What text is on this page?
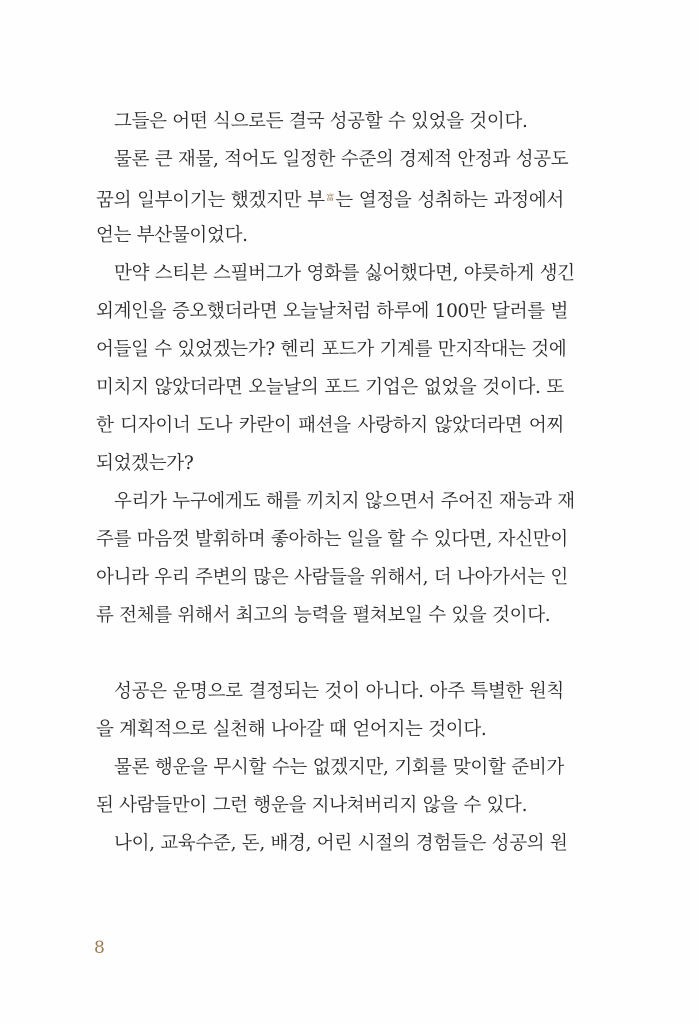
그들은 어떤 식으로든 결국 성공할 수 있었을 것이다.
물론 큰 재물, 적어도 일정한 수준의 경제적 안정과 성공도
꿈의 일부이기는 했겠지만 부$^富$는 열정을 성취하는 과정에서
얻는 부산물이었다.
만약 스티븐 스필버그가 영화를 싫어했다면, 야릇하게 생긴
외계인을 증오했더라면 오늘날처럼 하루에 100만 달러를 벌
어들일 수 있었겠는가? 헨리 포드가 기계를 만지작대는 것에
미치지 않았더라면 오늘날의 포드 기업은 없었을 것이다. 또
한 디자이너 도나 카란이 패션을 사랑하지 않았더라면 어찌
되었겠는가?
우리가 누구에게도 해를 끼치지 않으면서 주어진 재능과 재
주를 마음껏 발휘하며 좋아하는 일을 할 수 있다면, 자신만이
아니라 우리 주변의 많은 사람들을 위해서, 더 나아가서는 인
류 전체를 위해서 최고의 능력을 펼쳐보일 수 있을 것이다.
성공은 운명으로 결정되는 것이 아니다. 아주 특별한 원칙
을 계획적으로 실천해 나아갈 때 얻어지는 것이다.
물론 행운을 무시할 수는 없겠지만, 기회를 맞이할 준비가
된 사람들만이 그런 행운을 지나쳐버리지 않을 수 있다.
나이, 교육수준, 돈, 배경, 어린 시절의 경험들은 성공의 원
8
